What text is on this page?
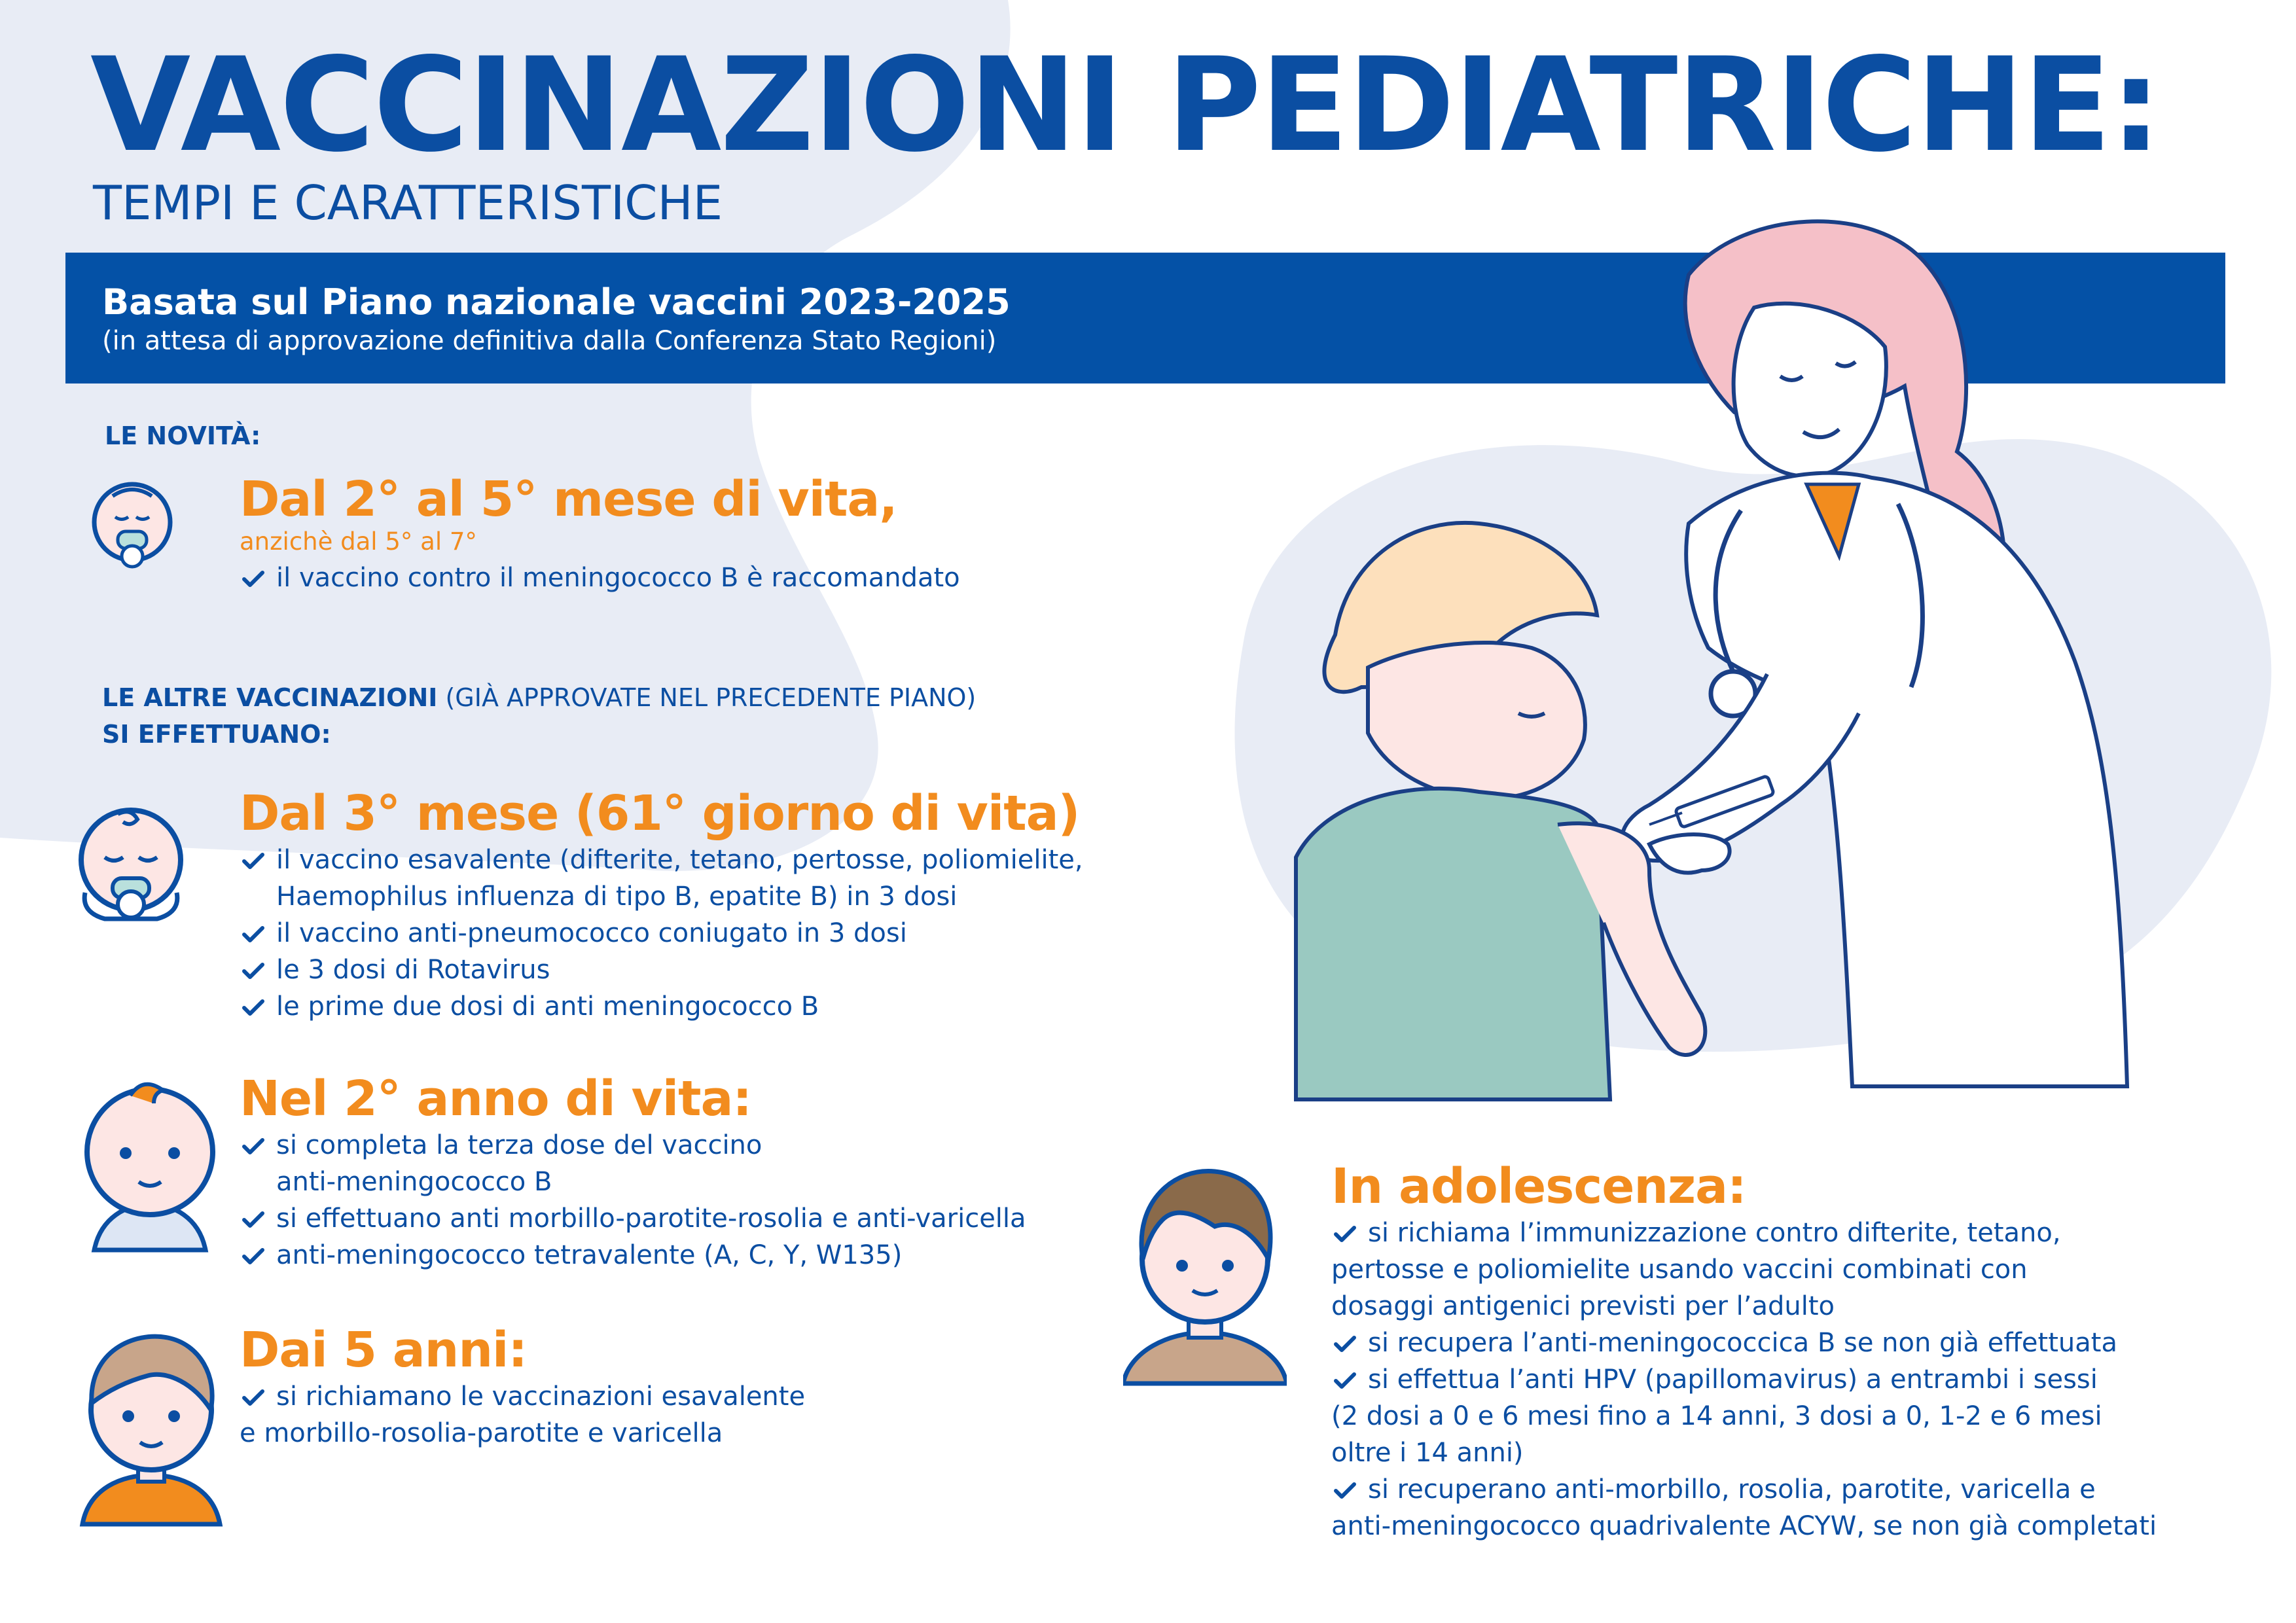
VACCINAZIONI PEDIATRICHE:

TEMPI E CARATTERISTICHE

Basata sul Piano nazionale vaccini 2023-2025
(in attesa di approvazione definitiva dalla Conferenza Stato Regioni)
LE NOVITÀ:
Dal 2° al 5° mese di vita,
anzichè dal 5° al 7°
il vaccino contro il meningococco B è raccomandato
LE ALTRE VACCINAZIONI (GIÀ APPROVATE NEL PRECEDENTE PIANO)
SI EFFETTUANO:
Dal 3° mese (61° giorno di vita)
il vaccino esavalente (difterite, tetano, pertosse, poliomielite,
Haemophilus influenza di tipo B, epatite B) in 3 dosi
il vaccino anti-pneumococco coniugato in 3 dosi
le 3 dosi di Rotavirus
le prime due dosi di anti meningococco B
Nel 2° anno di vita:
si completa la terza dose del vaccino
anti-meningococco B
si effettuano anti morbillo-parotite-rosolia e anti-varicella
anti-meningococco tetravalente (A, C, Y, W135)
Dai 5 anni:
si richiamano le vaccinazioni esavalente
e morbillo-rosolia-parotite e varicella
In adolescenza:
si richiama l’immunizzazione contro difterite, tetano,
pertosse e poliomielite usando vaccini combinati con
dosaggi antigenici previsti per l’adulto
si recupera l’anti-meningococcica B se non già effettuata
si effettua l’anti HPV (papillomavirus) a entrambi i sessi
(2 dosi a 0 e 6 mesi fino a 14 anni, 3 dosi a 0, 1-2 e 6 mesi
oltre i 14 anni)
si recuperano anti-morbillo, rosolia, parotite, varicella e
anti-meningococco quadrivalente ACYW, se non già completati
